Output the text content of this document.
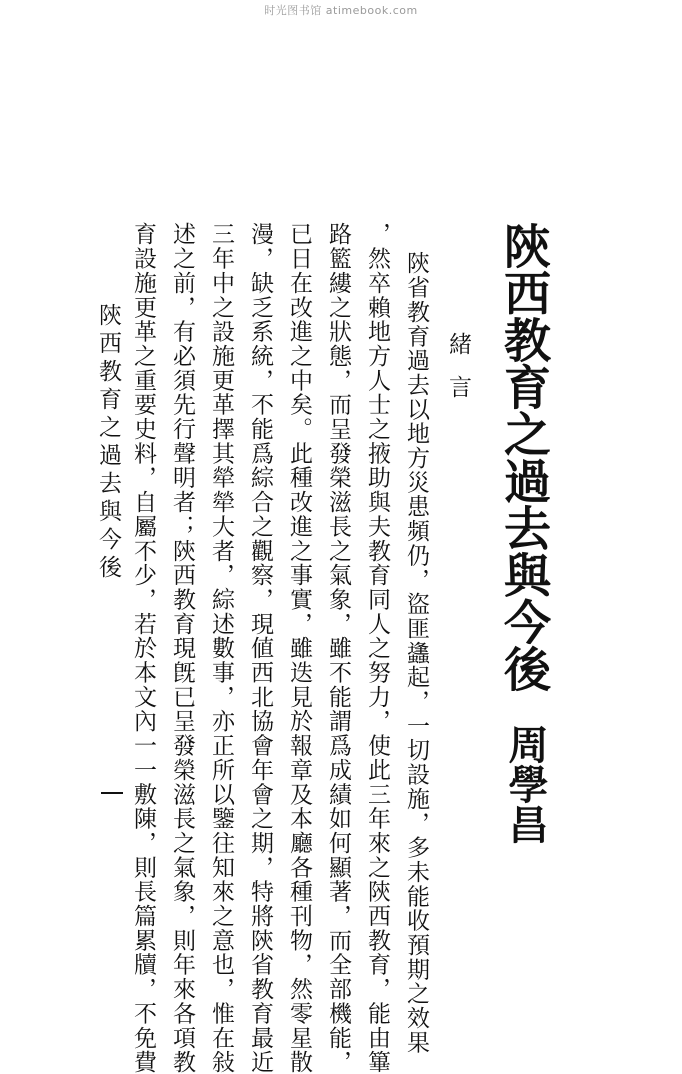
时光图书馆 atimebook.com
陝西教育之過去與今後
周學昌
緒言
陝省教育過去以地方災患頻仍，盜匪蠭起，一切設施，多未能收預期之效果
，然卒賴地方人士之掖助與夫教育同人之努力，使此三年來之陝西教育，能由篳
路籃縷之狀態，而呈發榮滋長之氣象，雖不能謂爲成績如何顯著，而全部機能，
已日在改進之中矣。此種改進之事實，雖迭見於報章及本廳各種刊物，然零星散
漫，缺乏系統，不能爲綜合之觀察，現値西北協會年會之期，特將陝省教育最近
三年中之設施更革擇其犖犖大者，綜述數事，亦正所以鑒往知來之意也，惟在敍
述之前，有必須先行聲明者；陝西教育現旣已呈發榮滋長之氣象，則年來各項教
育設施更革之重要史料，自屬不少，若於本文內一一敷陳，則長篇累牘，不免費
陝西教育之過去與今後
